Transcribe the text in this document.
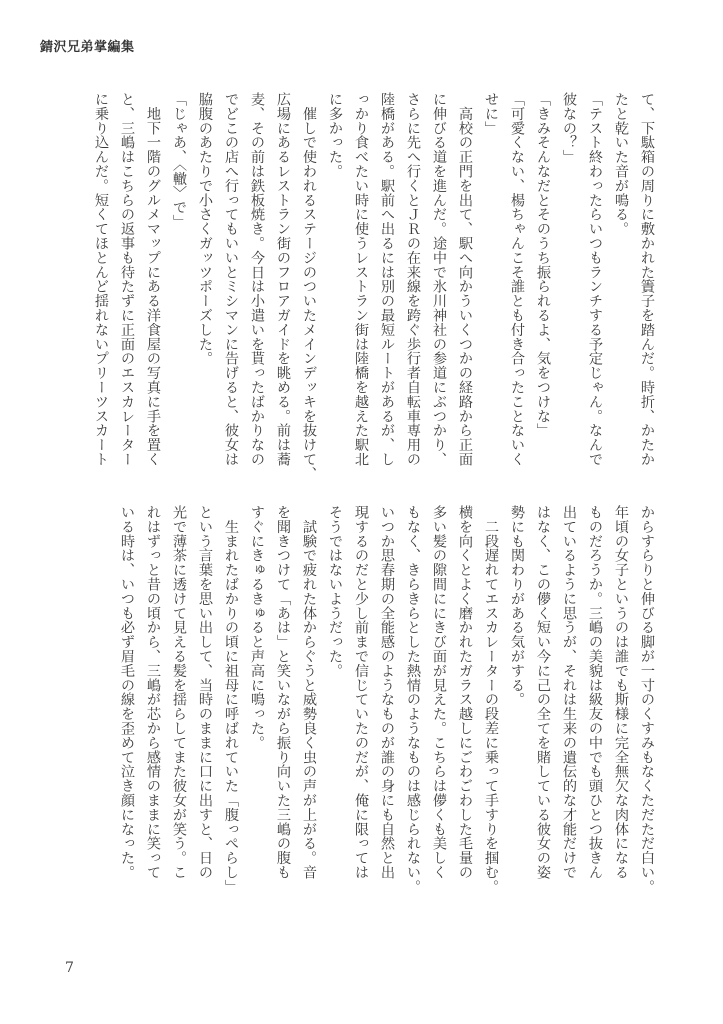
錆沢兄弟掌編集
て、下駄箱の周りに敷かれた簀子を踏んだ。時折、かたか
たと乾いた音が鳴る。
「テスト終わったらいつもランチする予定じゃん。なんで
彼なの？」
「きみそんなだとそのうち振られるよ、気をつけな」
「可愛くない、楊ちゃんこそ誰とも付き合ったことないく
せに」
　高校の正門を出て、駅へ向かういくつかの経路から正面
に伸びる道を進んだ。途中で氷川神社の参道にぶつかり、
さらに先へ行くとＪＲの在来線を跨ぐ歩行者自転車専用の
陸橋がある。駅前へ出るには別の最短ルートがあるが、し
っかり食べたい時に使うレストラン街は陸橋を越えた駅北
に多かった。
　催しで使われるステージのついたメインデッキを抜けて、
広場にあるレストラン街のフロアガイドを眺める。前は蕎
麦、その前は鉄板焼き。今日は小遣いを貰ったばかりなの
でどこの店へ行ってもいいとミシマンに告げると、彼女は
脇腹のあたりで小さくガッツポーズした。
「じゃあ、〈轍〉で」
　地下一階のグルメマップにある洋食屋の写真に手を置く
と、三嶋はこちらの返事も待たずに正面のエスカレーター
に乗り込んだ。短くてほとんど揺れないプリーツスカート
からすらりと伸びる脚が一寸のくすみもなくただただ白い。
年頃の女子というのは誰でも斯様に完全無欠な肉体になる
ものだろうか。三嶋の美貌は級友の中でも頭ひとつ抜きん
出ているように思うが、それは生来の遺伝的な才能だけで
はなく、この儚く短い今に己の全てを賭している彼女の姿
勢にも関わりがある気がする。
　二段遅れてエスカレーターの段差に乗って手すりを掴む。
横を向くとよく磨かれたガラス越しにごわごわした毛量の
多い髪の隙間ににきび面が見えた。こちらは儚くも美しく
もなく、きらきらとした熱情のようなものは感じられない。
いつか思春期の全能感のようなものが誰の身にも自然と出
現するのだと少し前まで信じていたのだが、俺に限っては
そうではないようだった。
　試験で疲れた体からぐうと威勢良く虫の声が上がる。音
を聞きつけて「あは」と笑いながら振り向いた三嶋の腹も
すぐにきゅるきゅると声高に鳴った。
　生まれたばかりの頃に祖母に呼ばれていた「腹っぺらし」
という言葉を思い出して、当時のままに口に出すと、日の
光で薄茶に透けて見える髪を揺らしてまた彼女が笑う。こ
れはずっと昔の頃から、三嶋が芯から感情のままに笑って
いる時は、いつも必ず眉毛の線を歪めて泣き顔になった。
7
